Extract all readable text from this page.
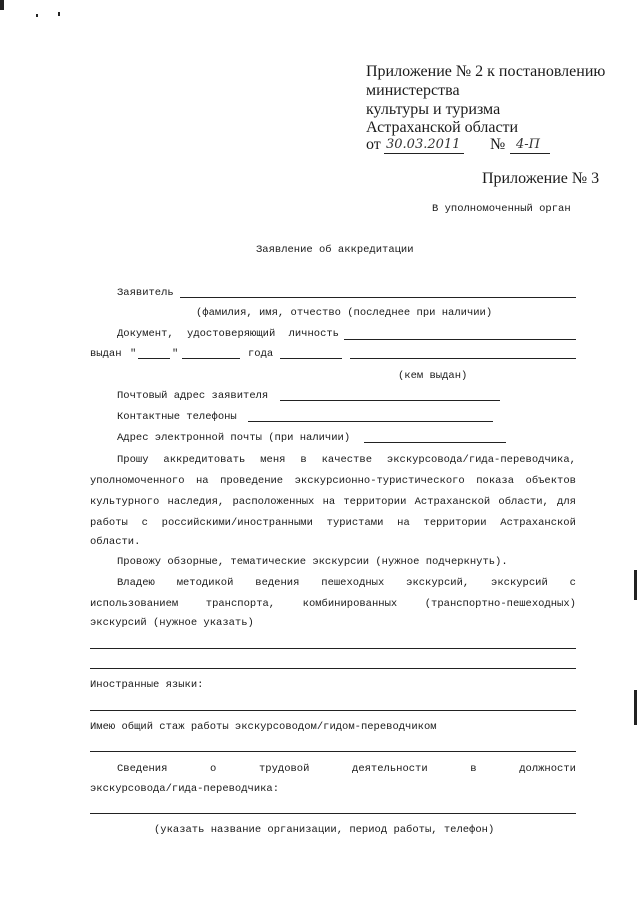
Приложение № 2 к постановлению
министерства
культуры и туризма
Астраханской области
от 30.03.2011 № 4-П
Приложение № 3
В уполномоченный орган
Заявление об аккредитации
Заявитель
(фамилия, имя, отчество (последнее при наличии)
Документ, удостоверяющий личность
выдан "	"	года
(кем выдан)
Почтовый адрес заявителя
Контактные телефоны
Адрес электронной почты (при наличии)
Прошу аккредитовать меня в качестве экскурсовода/гида-переводчика,
уполномоченного на проведение экскурсионно-туристического показа объектов
культурного наследия, расположенных на территории Астраханской области, для
работы с российскими/иностранными туристами на территории Астраханской
области.
Провожу обзорные, тематические экскурсии (нужное подчеркнуть).
Владею методикой ведения пешеходных экскурсий, экскурсий с
использованием	транспорта,	комбинированных	(транспортно-пешеходных)
экскурсий (нужное указать)
Иностранные языки:
Имею общий стаж работы экскурсоводом/гидом-переводчиком
Сведения	о	трудовой	деятельности	в	должности
экскурсовода/гида-переводчика:
(указать название организации, период работы, телефон)
